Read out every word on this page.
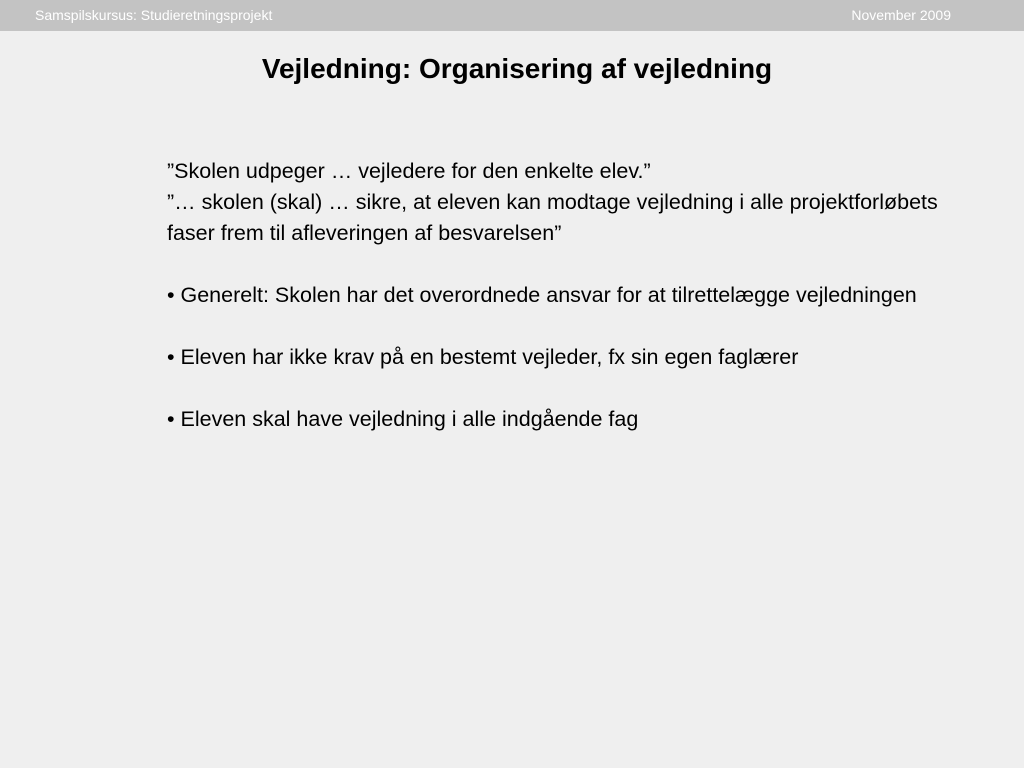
Samspilskursus: Studieretningsprojekt	November 2009
Vejledning: Organisering af vejledning

”Skolen udpeger … vejledere for den enkelte elev.”

”… skolen (skal) … sikre, at eleven kan modtage vejledning i alle projektforløbets faser frem til afleveringen af besvarelsen”

• Generelt: Skolen har det overordnede ansvar for at tilrettelægge vejledningen

• Eleven har ikke krav på en bestemt vejleder, fx sin egen faglærer

• Eleven skal have vejledning i alle indgående fag
